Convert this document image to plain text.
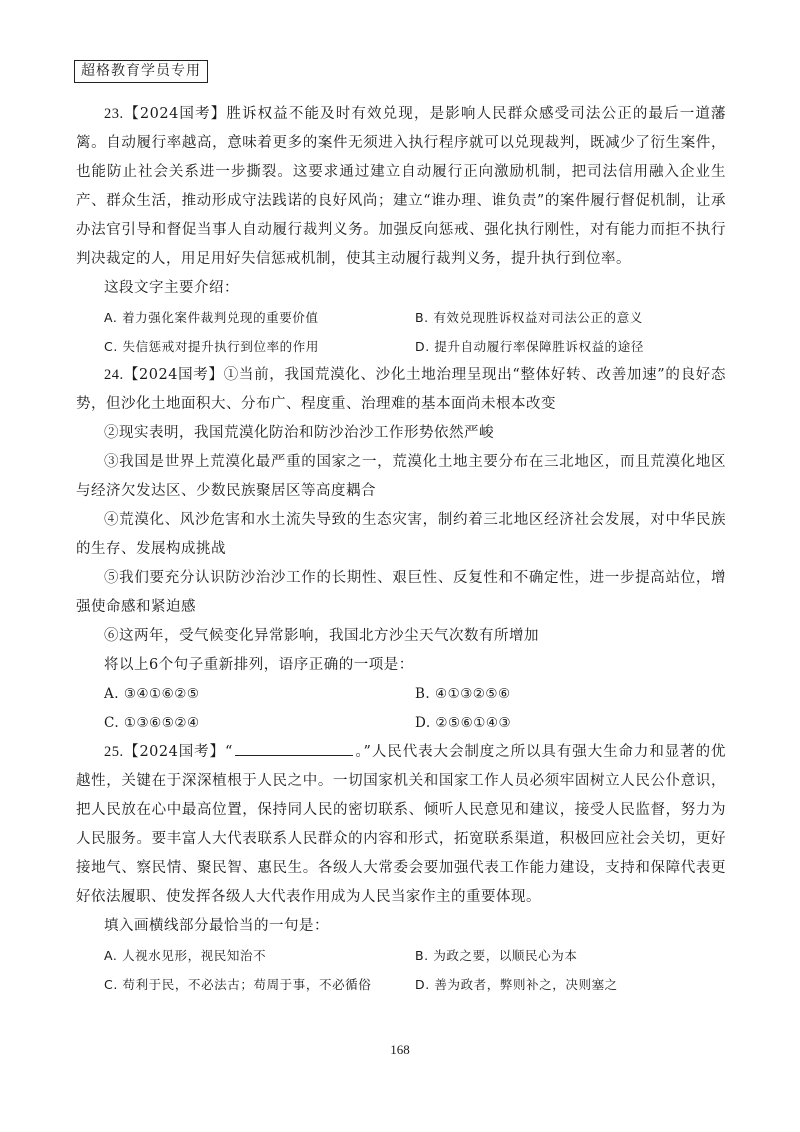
超格教育学员专用

23.【2024国考】胜诉权益不能及时有效兑现，是影响人民群众感受司法公正的最后一道藩篱。自动履行率越高，意味着更多的案件无须进入执行程序就可以兑现裁判，既减少了衍生案件，也能防止社会关系进一步撕裂。这要求通过建立自动履行正向激励机制，把司法信用融入企业生产、群众生活，推动形成守法践诺的良好风尚；建立“谁办理、谁负责”的案件履行督促机制，让承办法官引导和督促当事人自动履行裁判义务。加强反向惩戒、强化执行刚性，对有能力而拒不执行判决裁定的人，用足用好失信惩戒机制，使其主动履行裁判义务，提升执行到位率。

这段文字主要介绍：

A. 着力强化案件裁判兑现的重要价值	B. 有效兑现胜诉权益对司法公正的意义
C. 失信惩戒对提升执行到位率的作用	D. 提升自动履行率保障胜诉权益的途径

24.【2024国考】①当前，我国荒漠化、沙化土地治理呈现出“整体好转、改善加速”的良好态势，但沙化土地面积大、分布广、程度重、治理难的基本面尚未根本改变

②现实表明，我国荒漠化防治和防沙治沙工作形势依然严峻

③我国是世界上荒漠化最严重的国家之一，荒漠化土地主要分布在三北地区，而且荒漠化地区与经济欠发达区、少数民族聚居区等高度耦合

④荒漠化、风沙危害和水土流失导致的生态灾害，制约着三北地区经济社会发展，对中华民族的生存、发展构成挑战

⑤我们要充分认识防沙治沙工作的长期性、艰巨性、反复性和不确定性，进一步提高站位，增强使命感和紧迫感

⑥这两年，受气候变化异常影响，我国北方沙尘天气次数有所增加

将以上6个句子重新排列，语序正确的一项是：

A. ③④①⑥②⑤	B. ④①③②⑤⑥
C. ①③⑥⑤②④	D. ②⑤⑥①④③

25.【2024国考】“	。”人民代表大会制度之所以具有强大生命力和显著的优越性，关键在于深深植根于人民之中。一切国家机关和国家工作人员必须牢固树立人民公仆意识，把人民放在心中最高位置，保持同人民的密切联系、倾听人民意见和建议，接受人民监督，努力为人民服务。要丰富人大代表联系人民群众的内容和形式，拓宽联系渠道，积极回应社会关切，更好接地气、察民情、聚民智、惠民生。各级人大常委会要加强代表工作能力建设，支持和保障代表更好依法履职、使发挥各级人大代表作用成为人民当家作主的重要体现。

填入画横线部分最恰当的一句是：

A. 人视水见形，视民知治不	B. 为政之要，以顺民心为本
C. 苟利于民，不必法古；苟周于事，不必循俗	D. 善为政者，弊则补之，决则塞之
168
